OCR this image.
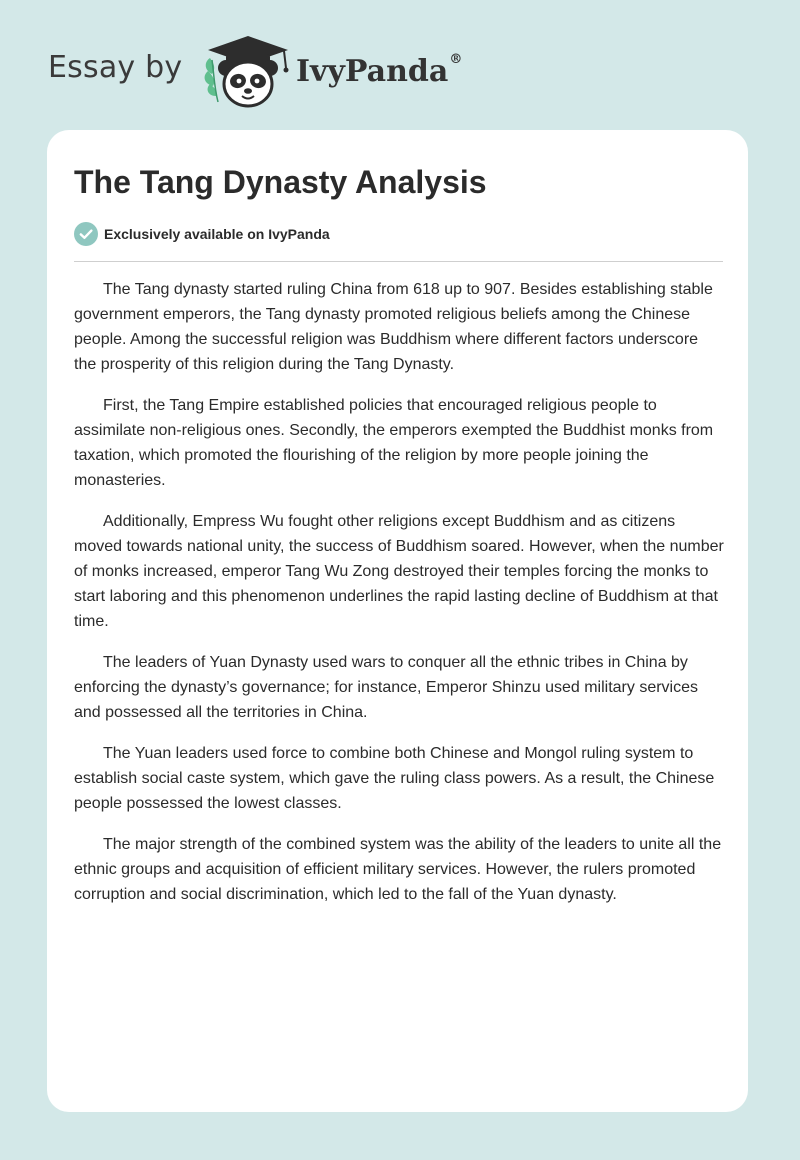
Essay by	IvyPanda®
The Tang Dynasty Analysis
Exclusively available on IvyPanda

The Tang dynasty started ruling China from 618 up to 907. Besides establishing stable government emperors, the Tang dynasty promoted religious beliefs among the Chinese people. Among the successful religion was Buddhism where different factors underscore the prosperity of this religion during the Tang Dynasty.

First, the Tang Empire established policies that encouraged religious people to assimilate non-religious ones. Secondly, the emperors exempted the Buddhist monks from taxation, which promoted the flourishing of the religion by more people joining the monasteries.

Additionally, Empress Wu fought other religions except Buddhism and as citizens moved towards national unity, the success of Buddhism soared. However, when the number of monks increased, emperor Tang Wu Zong destroyed their temples forcing the monks to start laboring and this phenomenon underlines the rapid lasting decline of Buddhism at that time.

The leaders of Yuan Dynasty used wars to conquer all the ethnic tribes in China by enforcing the dynasty’s governance; for instance, Emperor Shinzu used military services and possessed all the territories in China.

The Yuan leaders used force to combine both Chinese and Mongol ruling system to establish social caste system, which gave the ruling class powers. As a result, the Chinese people possessed the lowest classes.

The major strength of the combined system was the ability of the leaders to unite all the ethnic groups and acquisition of efficient military services. However, the rulers promoted corruption and social discrimination, which led to the fall of the Yuan dynasty.
